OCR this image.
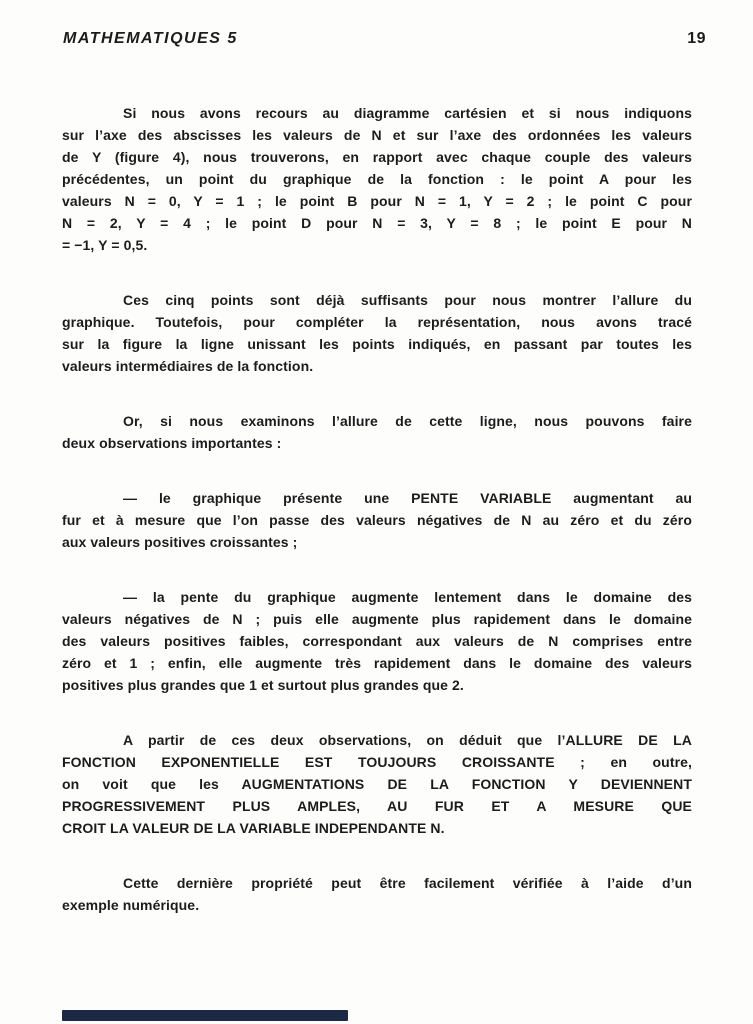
MATHEMATIQUES 5	19
Si nous avons recours au diagramme cartésien et si nous indiquons
sur l’axe des abscisses les valeurs de N et sur l’axe des ordonnées les valeurs
de Y (figure 4), nous trouverons, en rapport avec chaque couple des valeurs
précédentes, un point du graphique de la fonction : le point A pour les
valeurs N = 0, Y = 1 ; le point B pour N = 1, Y = 2 ; le point C pour
N = 2, Y = 4 ; le point D pour N = 3, Y = 8 ; le point E pour N
= −1, Y = 0,5.
Ces cinq points sont déjà suffisants pour nous montrer l’allure du
graphique. Toutefois, pour compléter la représentation, nous avons tracé
sur la figure la ligne unissant les points indiqués, en passant par toutes les
valeurs intermédiaires de la fonction.
Or, si nous examinons l’allure de cette ligne, nous pouvons faire
deux observations importantes :
— le graphique présente une PENTE VARIABLE augmentant au
fur et à mesure que l’on passe des valeurs négatives de N au zéro et du zéro
aux valeurs positives croissantes ;
— la pente du graphique augmente lentement dans le domaine des
valeurs négatives de N ; puis elle augmente plus rapidement dans le domaine
des valeurs positives faibles, correspondant aux valeurs de N comprises entre
zéro et 1 ; enfin, elle augmente très rapidement dans le domaine des valeurs
positives plus grandes que 1 et surtout plus grandes que 2.
A partir de ces deux observations, on déduit que l’ALLURE DE LA
FONCTION EXPONENTIELLE EST TOUJOURS CROISSANTE ; en outre,
on voit que les AUGMENTATIONS DE LA FONCTION Y DEVIENNENT
PROGRESSIVEMENT PLUS AMPLES, AU FUR ET A MESURE QUE
CROIT LA VALEUR DE LA VARIABLE INDEPENDANTE N.
Cette dernière propriété peut être facilement vérifiée à l’aide d’un
exemple numérique.
